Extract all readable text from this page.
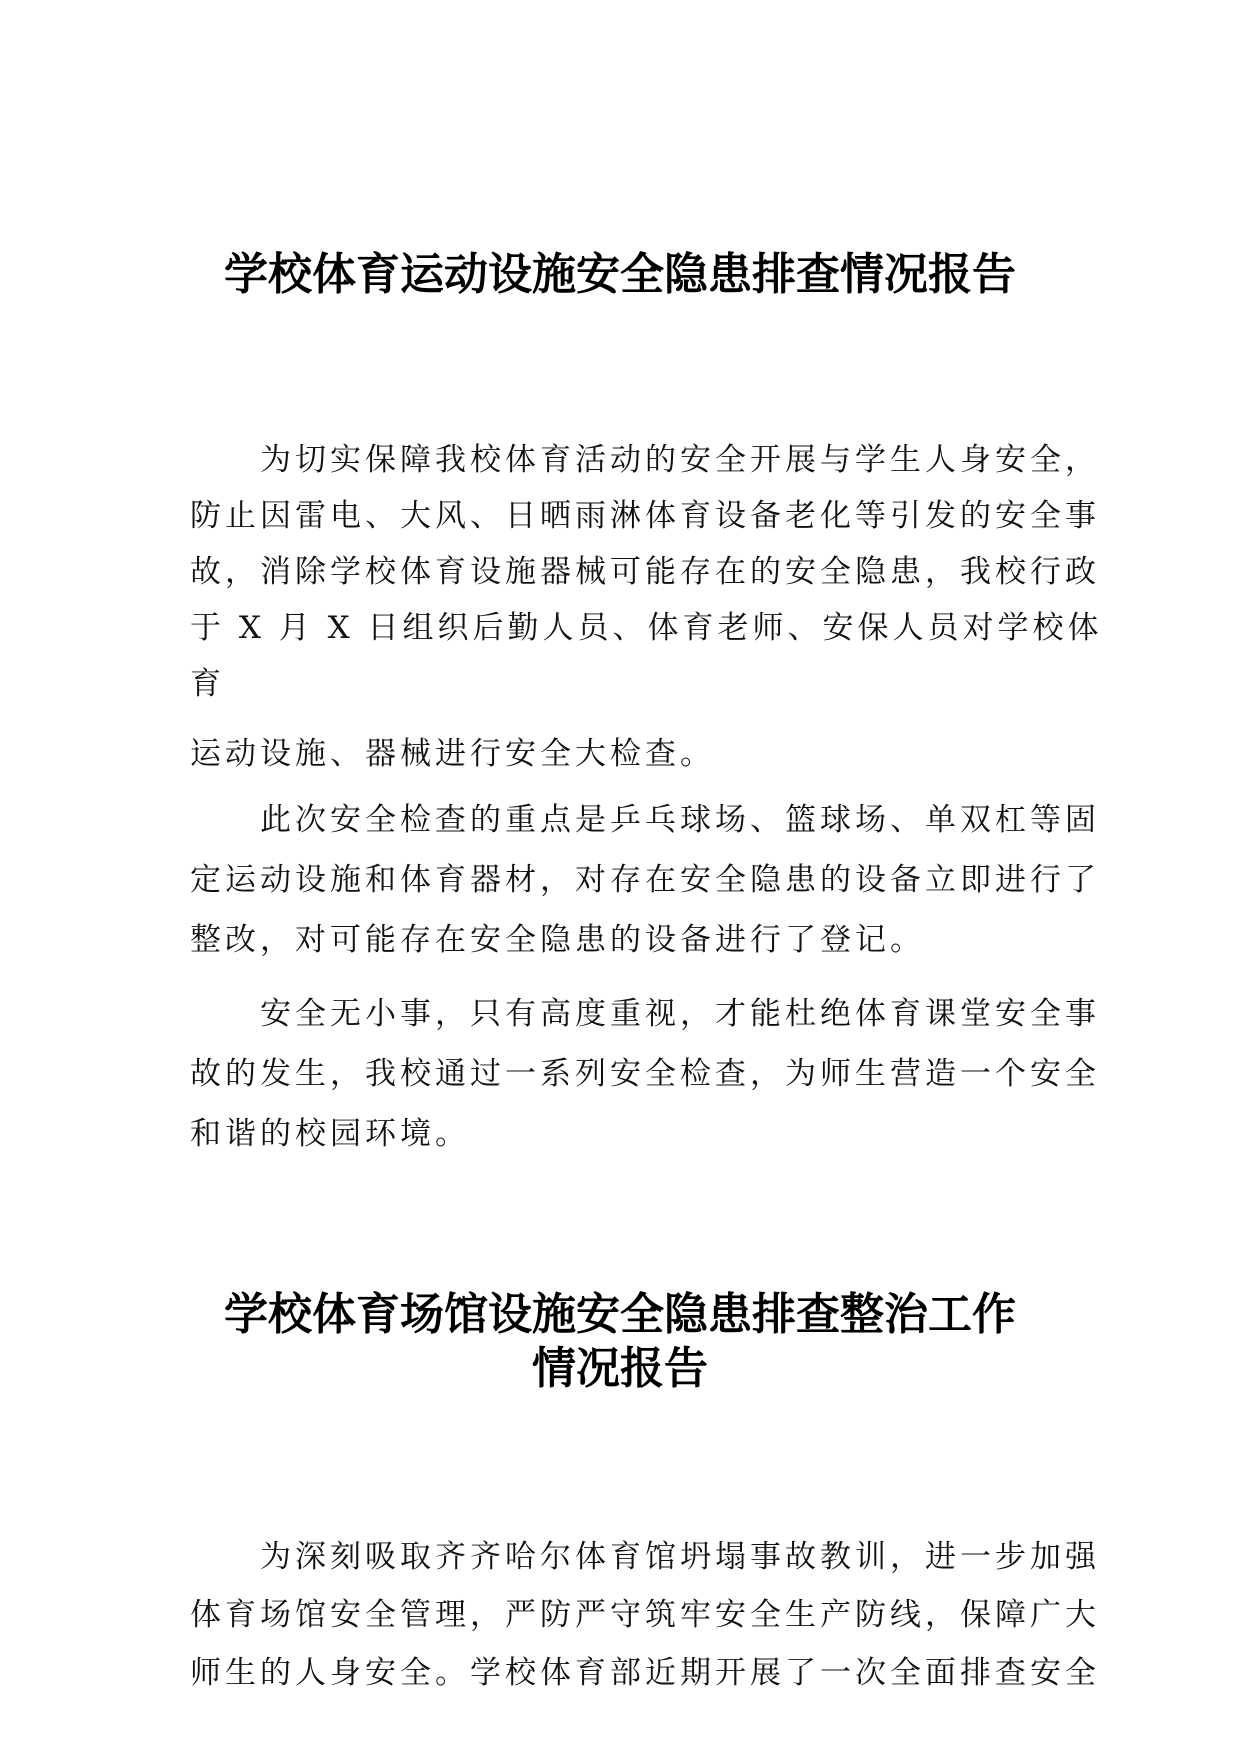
学校体育运动设施安全隐患排查情况报告
　　为切实保障我校体育活动的安全开展与学生人身安全，
防止因雷电、大风、日晒雨淋体育设备老化等引发的安全事
故，消除学校体育设施器械可能存在的安全隐患，我校行政
于 X 月 X 日组织后勤人员、体育老师、安保人员对学校体
育
运动设施、器械进行安全大检查。
　　此次安全检查的重点是乒乓球场、篮球场、单双杠等固
定运动设施和体育器材，对存在安全隐患的设备立即进行了
整改，对可能存在安全隐患的设备进行了登记。
　　安全无小事，只有高度重视，才能杜绝体育课堂安全事
故的发生，我校通过一系列安全检查，为师生营造一个安全
和谐的校园环境。
学校体育场馆设施安全隐患排查整治工作
情况报告
　　为深刻吸取齐齐哈尔体育馆坍塌事故教训，进一步加强
体育场馆安全管理，严防严守筑牢安全生产防线，保障广大
师生的人身安全。学校体育部近期开展了一次全面排查安全
